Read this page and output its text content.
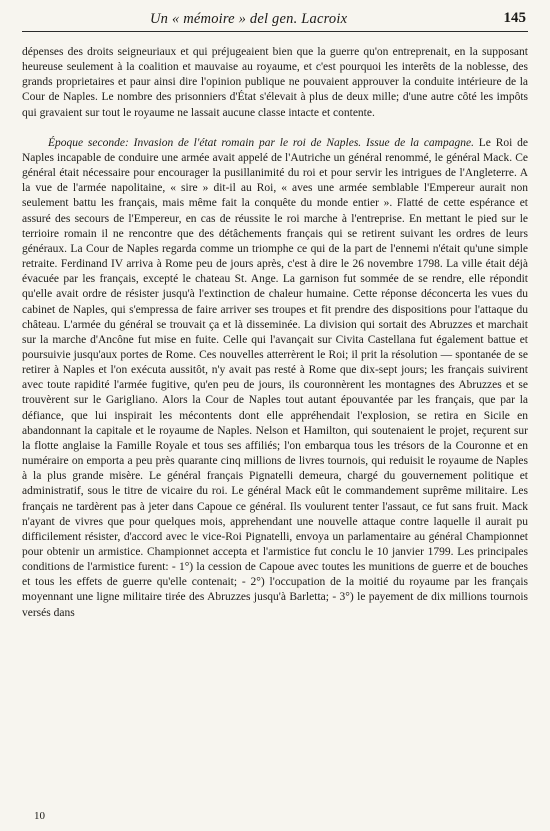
Un « mémoire » del gen. Lacroix	145

dépenses des droits seigneuriaux et qui préjugeaient bien que la guerre qu'on entreprenait, en la supposant heureuse seulement à la coalition et mauvaise au royaume, et c'est pourquoi les interêts de la noblesse, des grands proprietaires et paur ainsi dire l'opinion publique ne pouvaient approuver la conduite intérieure de la Cour de Naples. Le nombre des prisonniers d'État s'élevait à plus de deux mille; d'une autre côté les impôts qui gravaient sur tout le royaume ne lassait aucune classe intacte et contente.

Époque seconde: Invasion de l'état romain par le roi de Naples. Issue de la campagne. Le Roi de Naples incapable de conduire une armée avait appelé de l'Autriche un général renommé, le général Mack. Ce général était nécessaire pour encourager la pusillanimité du roi et pour servir les intrigues de l'Angleterre. A la vue de l'armée napolitaine, « sire » dit-il au Roi, « aves une armée semblable l'Empereur aurait non seulement battu les français, mais même fait la conquête du monde entier ». Flatté de cette espérance et assuré des secours de l'Empereur, en cas de réussite le roi marche à l'entreprise. En mettant le pied sur le terrioire romain il ne rencontre que des détâchements français qui se retirent suivant les ordres de leurs généraux. La Cour de Naples regarda comme un triomphe ce qui de la part de l'ennemi n'était qu'une simple retraite. Ferdinand IV arriva à Rome peu de jours après, c'est à dire le 26 novembre 1798. La ville était déjà évacuée par les français, excepté le chateau St. Ange. La garnison fut sommée de se rendre, elle répondit qu'elle avait ordre de résister jusqu'à l'extinction de chaleur humaine. Cette réponse déconcerta les vues du cabinet de Naples, qui s'empressa de faire arriver ses troupes et fit prendre des dispositions pour l'attaque du château. L'armée du général se trouvait ça et là disseminée. La division qui sortait des Abruzzes et marchait sur la marche d'Ancône fut mise en fuite. Celle qui l'avançait sur Civita Castellana fut également battue et poursuivie jusqu'aux portes de Rome. Ces nouvelles atterrèrent le Roi; il prit la résolution — spontanée de se retirer à Naples et l'on exécuta aussitôt, n'y avait pas resté à Rome que dix-sept jours; les français suivirent avec toute rapidité l'armée fugitive, qu'en peu de jours, ils couronnèrent les montagnes des Abruzzes et se trouvèrent sur le Garigliano. Alors la Cour de Naples tout autant épouvantée par les français, que par la défiance, que lui inspirait les mécontents dont elle appréhendait l'explosion, se retira en Sicile en abandonnant la capitale et le royaume de Naples. Nelson et Hamilton, qui soutenaient le projet, reçurent sur la flotte anglaise la Famille Royale et tous ses affiliés; l'on embarqua tous les trésors de la Couronne et en numéraire on emporta a peu près quarante cinq millions de livres tournois, qui reduisit le royaume de Naples à la plus grande misère. Le général français Pignatelli demeura, chargé du gouvernement politique et administratif, sous le titre de vicaire du roi. Le général Mack eût le commandement suprême militaire. Les français ne tardèrent pas à jeter dans Capoue ce général. Ils voulurent tenter l'assaut, ce fut sans fruit. Mack n'ayant de vivres que pour quelques mois, apprehendant une nouvelle attaque contre laquelle il aurait pu difficilement résister, d'accord avec le vice-Roi Pignatelli, envoya un parlamentaire au général Championnet pour obtenir un armistice. Championnet accepta et l'armistice fut conclu le 10 janvier 1799. Les principales conditions de l'armistice furent: - 1°) la cession de Capoue avec toutes les munitions de guerre et de bouches et tous les effets de guerre qu'elle contenait; - 2°) l'occupation de la moitié du royaume par les français moyennant une ligne militaire tirée des Abruzzes jusqu'à Barletta; - 3°) le payement de dix millions tournois versés dans

10
